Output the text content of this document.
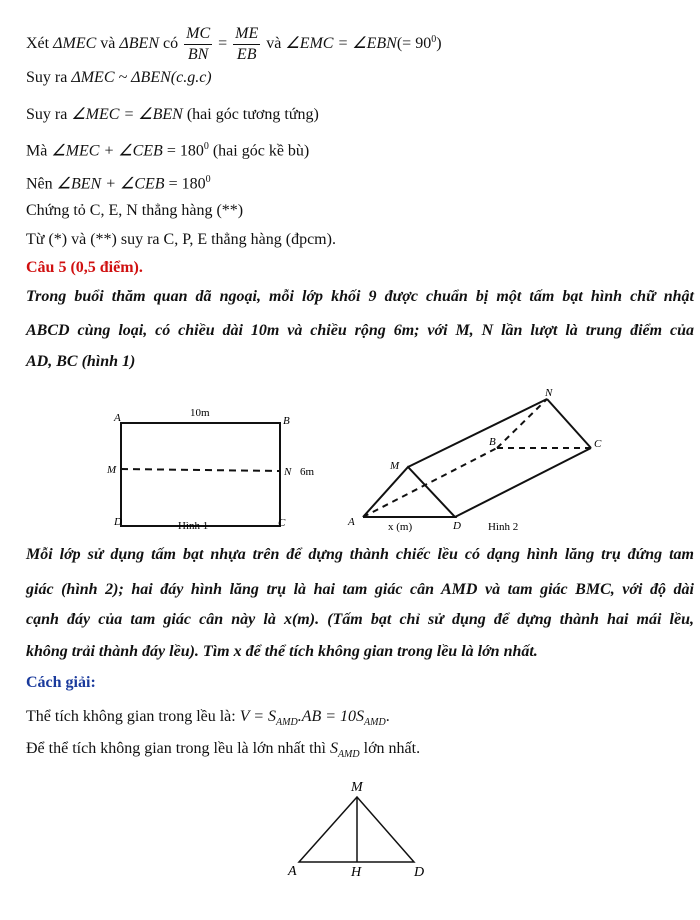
Xét ΔMEC và ΔBEN có $\frac{MC}{BN} = \frac{ME}{EB}$ và ∠EMC = ∠EBN(= $90^0$)
Suy ra ΔMEC ~ ΔBEN(c.g.c)
Suy ra ∠MEC = ∠BEN (hai góc tương tứng)
Mà ∠MEC + ∠CEB = $180^0$ (hai góc kề bù)
Nên ∠BEN + ∠CEB = $180^0$
Chứng tỏ C, E, N thẳng hàng (**)
Từ (*) và (**) suy ra C, P, E thẳng hàng (đpcm).
Câu 5 (0,5 điểm).
Trong buổi thăm quan dã ngoại, mỗi lớp khối 9 được chuẩn bị một tấm bạt hình chữ nhật
ABCD cùng loại, có chiều dài 10m và chiều rộng 6m; với M, N lần lượt là trung điểm của
AD, BC (hình 1)
A	10m
B
M	N 6m
D	Hình 1	C	A	D
M
N
C
B
x (m)	Hình 2
M
A	H	D
Mỗi lớp sử dụng tấm bạt nhựa trên để dựng thành chiếc lều có dạng hình lăng trụ đứng tam
giác (hình 2); hai đáy hình lăng trụ là hai tam giác cân AMD và tam giác BMC, với độ dài
cạnh đáy của tam giác cân này là x(m). (Tấm bạt chỉ sử dụng để dựng thành hai mái lều,
không trải thành đáy lều). Tìm x để thể tích không gian trong lều là lớn nhất.
Cách giải:
Thể tích không gian trong lều là: $V = S_{AMD}.AB = 10S_{AMD}$.
Để thể tích không gian trong lều là lớn nhất thì $S_{AMD}$ lớn nhất.
